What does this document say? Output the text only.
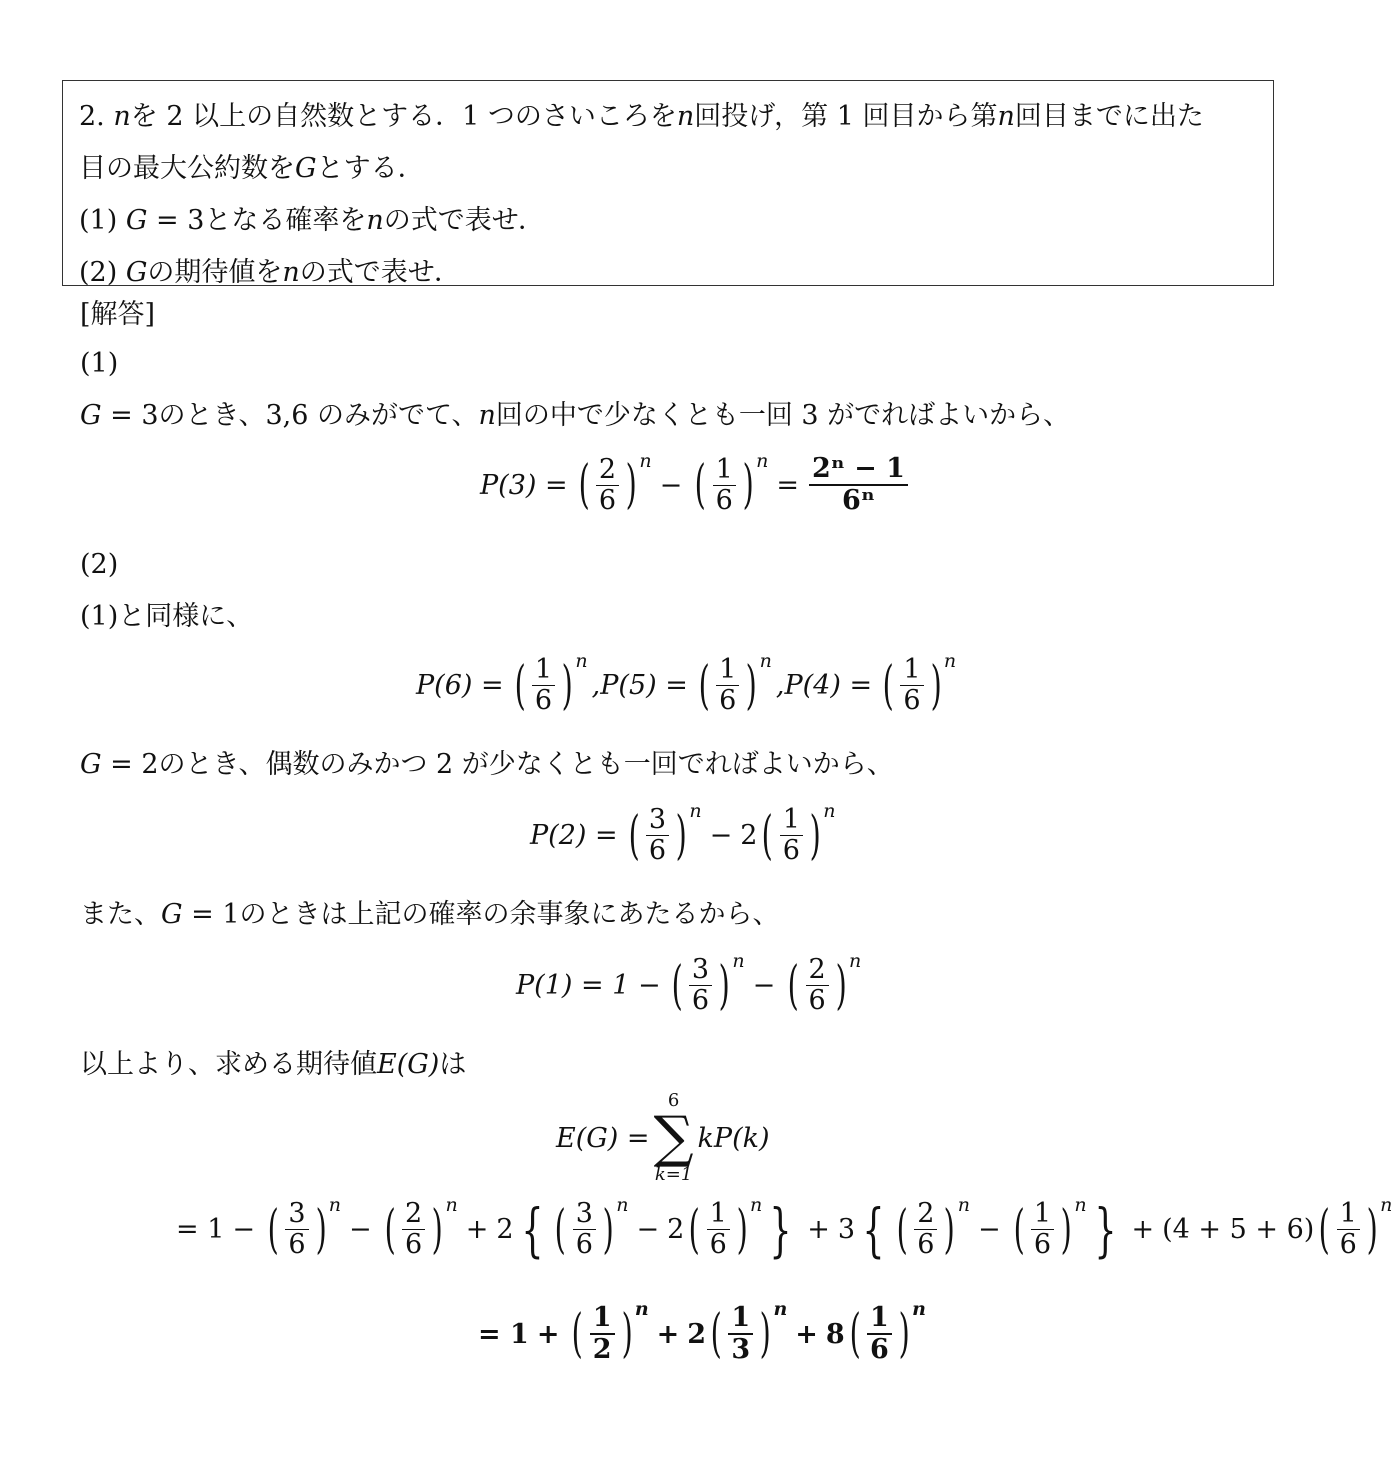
2. nを 2 以上の自然数とする．1 つのさいころをn回投げ，第 1 回目から第n回目までに出た
目の最大公約数をGとする．
(1) G = 3となる確率をnの式で表せ．
(2) Gの期待値をnの式で表せ．
[解答]
(1)
G = 3のとき、3,6 のみがでて、n回の中で少なくとも一回 3 がでればよいから、
P(3) = ( $\frac{2}{6}$ ) n
− ( $\frac{1}{6}$ ) n
= $\frac{\text{2ⁿ − 1}}{\text{6ⁿ}}$
(2)
(1)と同様に、
P(6) = ( $\frac{1}{6}$ ) n
,P(5) = ( $\frac{1}{6}$ ) n
,P(4) = ( $\frac{1}{6}$ ) n
G = 2のとき、偶数のみかつ 2 が少なくとも一回でればよいから、
P(2) = ( $\frac{3}{6}$ ) n
− 2 ( $\frac{1}{6}$ ) n
また、G = 1のときは上記の確率の余事象にあたるから、
P(1) = 1 − ( $\frac{3}{6}$ ) n
− ( $\frac{2}{6}$ ) n
以上より、求める期待値E(G)は
E(G) =
6
∑
k=1
kP(k)
= 1 − ( $\frac{3}{6}$ ) n
− ( $\frac{2}{6}$ ) n
+ 2 { ( $\frac{3}{6}$ ) n
− 2 ( $\frac{1}{6}$ ) n } + 3 { ( $\frac{2}{6}$ ) n
− ( $\frac{1}{6}$ ) n } + (4 + 5 + 6) ( $\frac{1}{6}$ ) n
= 1 + ( $\frac{1}{2}$ ) n
+ 2 ( $\frac{1}{3}$ ) n
+ 8 ( $\frac{1}{6}$ ) n
